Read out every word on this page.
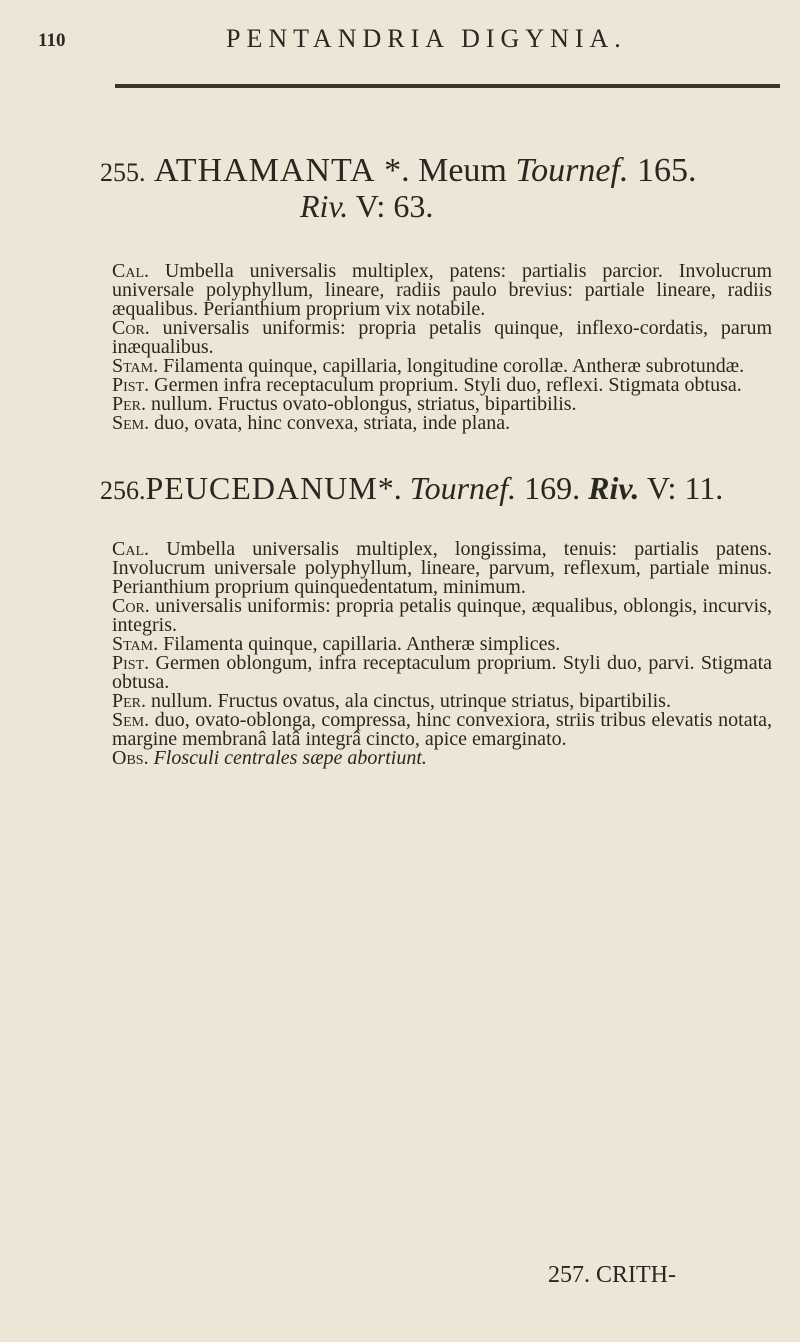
110	PENTANDRIA DIGYNIA.
255. ATHAMANTA *. Meum Tournef. 165.
Riv. V: 63.
Cal. Umbella universalis multiplex, patens: partialis parcior. Involucrum universale polyphyllum, lineare, radiis paulo brevius: partiale lineare, radiis æqualibus. Perianthium proprium vix notabile.
Cor. universalis uniformis: propria petalis quinque, inflexo-cordatis, parum inæqualibus.
Stam. Filamenta quinque, capillaria, longitudine corollæ. Antheræ subrotundæ.
Pist. Germen infra receptaculum proprium. Styli duo, reflexi. Stigmata obtusa.
Per. nullum. Fructus ovato-oblongus, striatus, bipartibilis.
Sem. duo, ovata, hinc convexa, striata, inde plana.
256.PEUCEDANUM*. Tournef. 169. Riv. V: 11.
Cal. Umbella universalis multiplex, longissima, tenuis: partialis patens. Involucrum universale polyphyllum, lineare, parvum, reflexum, partiale minus. Perianthium proprium quinquedentatum, minimum.
Cor. universalis uniformis: propria petalis quinque, æqualibus, oblongis, incurvis, integris.
Stam. Filamenta quinque, capillaria. Antheræ simplices.
Pist. Germen oblongum, infra receptaculum proprium. Styli duo, parvi. Stigmata obtusa.
Per. nullum. Fructus ovatus, ala cinctus, utrinque striatus, bipartibilis.
Sem. duo, ovato-oblonga, compressa, hinc convexiora, striis tribus elevatis notata, margine membranâ latâ integrâ cincto, apice emarginato.
Obs. Flosculi centrales sæpe abortiunt.
257. CRITH-
